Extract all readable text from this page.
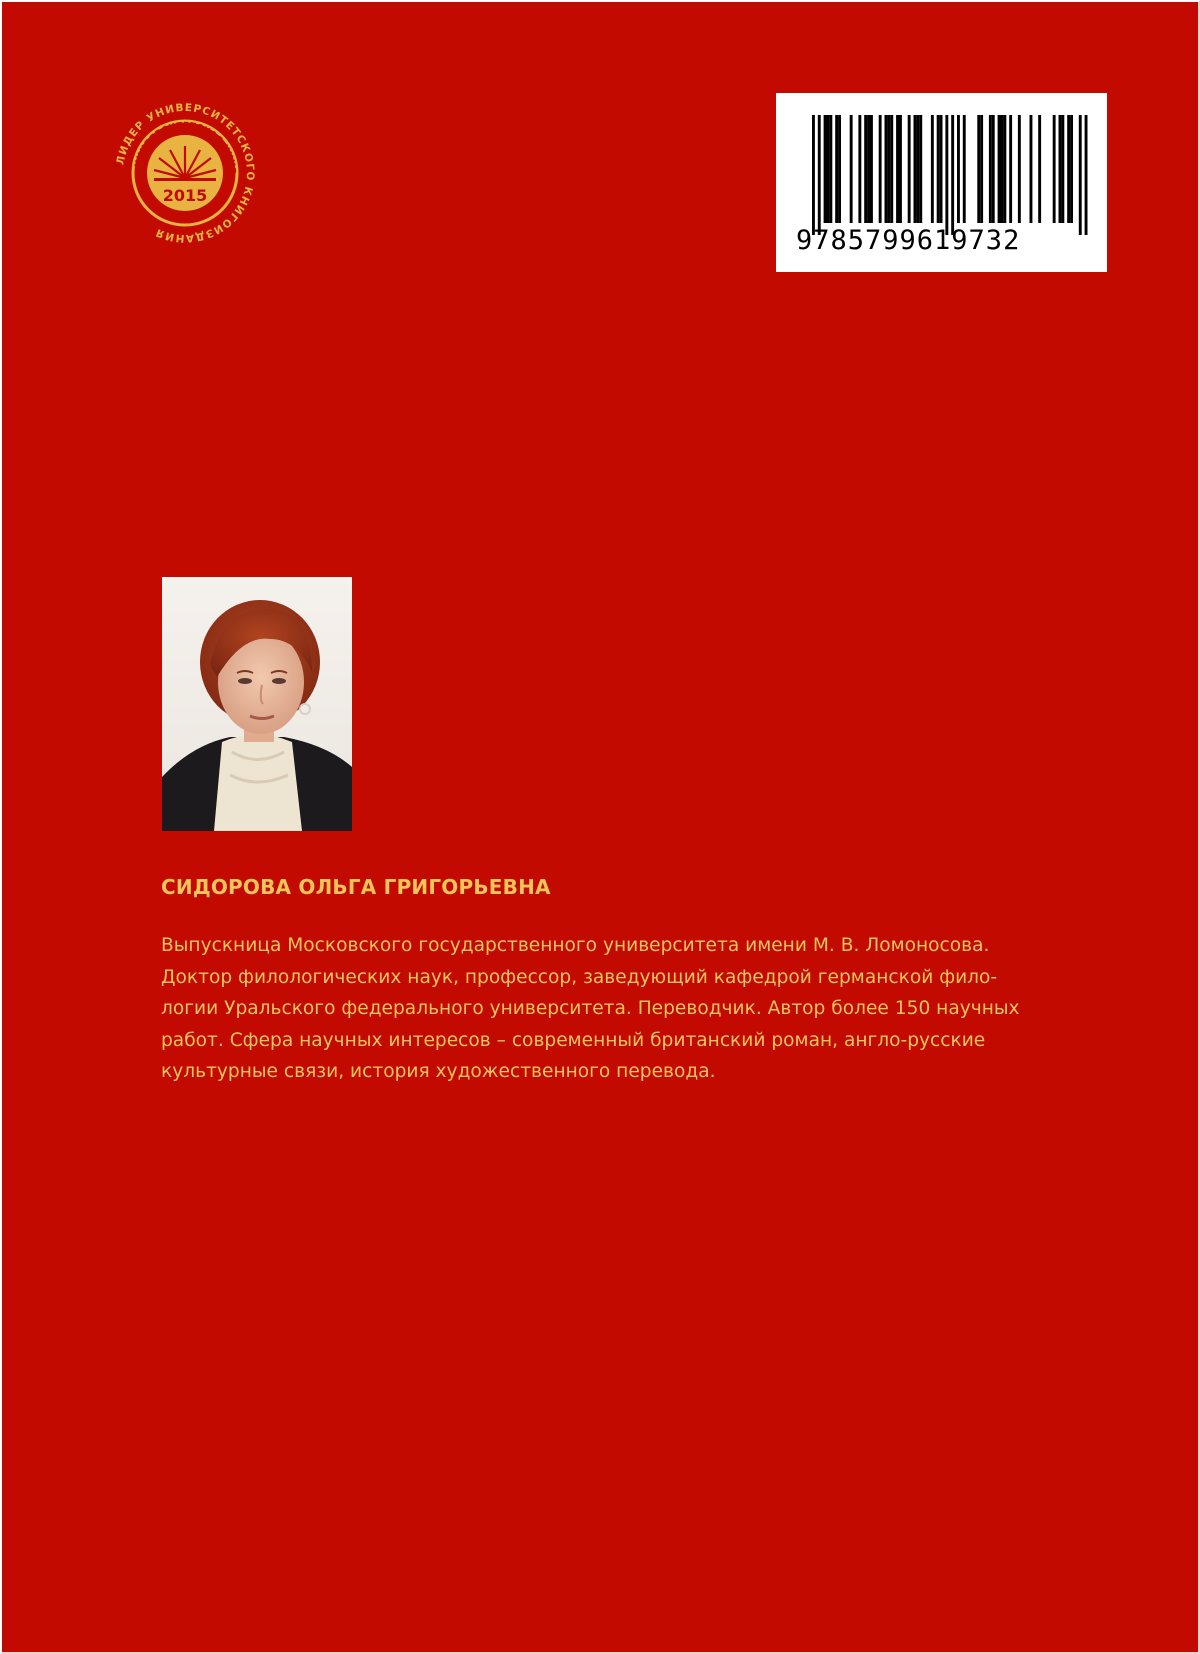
ЛИДЕР УНИВЕРСИТЕТСКОГО КНИГОИЗДАНИЯ
УНИВЕРСИТЕТСКАЯ КНИГ
2015
9785799619732
СИДОРОВА ОЛЬГА ГРИГОРЬЕВНА
Выпускница Московского государственного университета имени М. В. Ломоносова.
Доктор филологических наук, профессор, заведующий кафедрой германской фило-
логии Уральского федерального университета. Переводчик. Автор более 150 научных
работ. Сфера научных интересов – современный британский роман, англо-русские
культурные связи, история художественного перевода.
